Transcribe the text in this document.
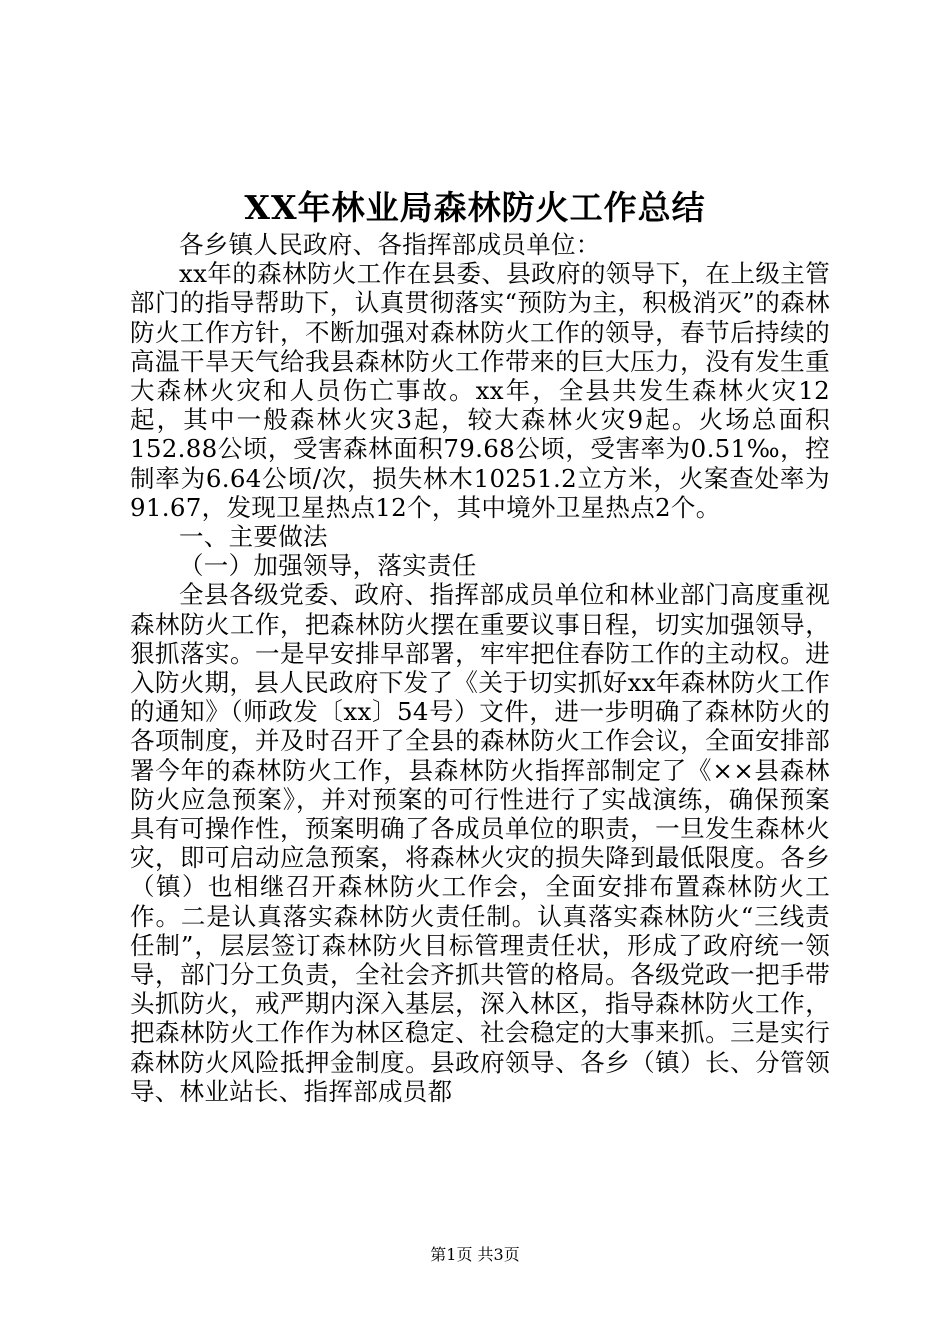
XX年林业局森林防火工作总结

各乡镇人民政府、各指挥部成员单位：

xx年的森林防火工作在县委、县政府的领导下，在上级主管部门的指导帮助下，认真贯彻落实“预防为主，积极消灭”的森林防火工作方针，不断加强对森林防火工作的领导，春节后持续的高温干旱天气给我县森林防火工作带来的巨大压力，没有发生重大森林火灾和人员伤亡事故。xx年，全县共发生森林火灾12起，其中一般森林火灾3起，较大森林火灾9起。火场总面积152.88公顷，受害森林面积79.68公顷，受害率为0.51‰，控制率为6.64公顷/次，损失林木10251.2立方米，火案查处率为91.67，发现卫星热点12个，其中境外卫星热点2个。

一、主要做法

（一）加强领导，落实责任

全县各级党委、政府、指挥部成员单位和林业部门高度重视森林防火工作，把森林防火摆在重要议事日程，切实加强领导，狠抓落实。一是早安排早部署，牢牢把住春防工作的主动权。进入防火期，县人民政府下发了《关于切实抓好xx年森林防火工作的通知》（师政发〔xx〕54号）文件，进一步明确了森林防火的各项制度，并及时召开了全县的森林防火工作会议，全面安排部署今年的森林防火工作，县森林防火指挥部制定了《××县森林防火应急预案》，并对预案的可行性进行了实战演练，确保预案具有可操作性，预案明确了各成员单位的职责，一旦发生森林火灾，即可启动应急预案，将森林火灾的损失降到最低限度。各乡（镇）也相继召开森林防火工作会，全面安排布置森林防火工作。二是认真落实森林防火责任制。认真落实森林防火“三线责任制”，层层签订森林防火目标管理责任状，形成了政府统一领导，部门分工负责，全社会齐抓共管的格局。各级党政一把手带头抓防火，戒严期内深入基层，深入林区，指导森林防火工作，把森林防火工作作为林区稳定、社会稳定的大事来抓。三是实行森林防火风险抵押金制度。县政府领导、各乡（镇）长、分管领导、林业站长、指挥部成员都

第1页 共3页
